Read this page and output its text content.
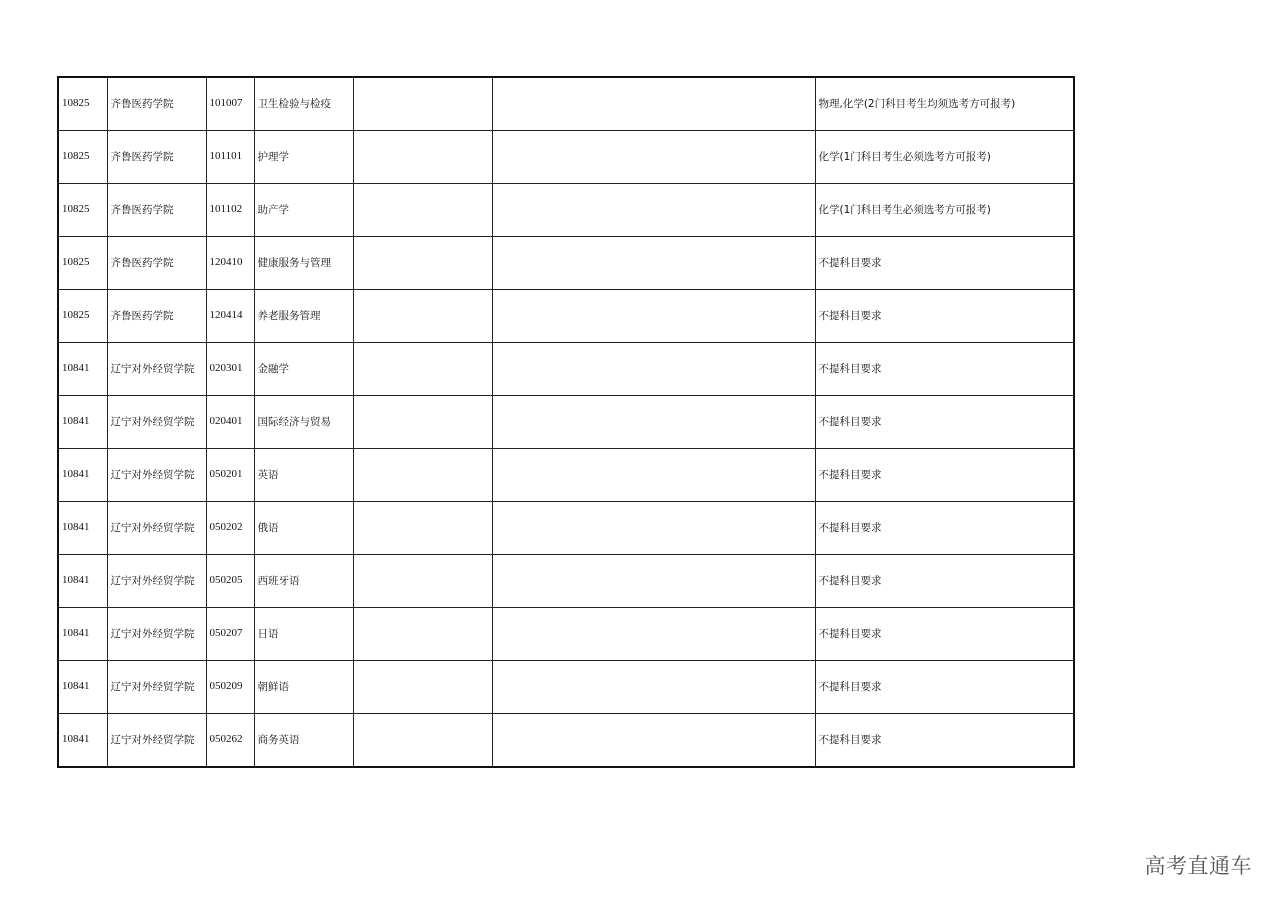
10825	齐鲁医药学院	101007	卫生检验与检疫			物理,化学(2门科目考生均须选考方可报考)
10825	齐鲁医药学院	101101	护理学			化学(1门科目考生必须选考方可报考)
10825	齐鲁医药学院	101102	助产学			化学(1门科目考生必须选考方可报考)
10825	齐鲁医药学院	120410	健康服务与管理			不提科目要求
10825	齐鲁医药学院	120414	养老服务管理			不提科目要求
10841	辽宁对外经贸学院	020301	金融学			不提科目要求
10841	辽宁对外经贸学院	020401	国际经济与贸易			不提科目要求
10841	辽宁对外经贸学院	050201	英语			不提科目要求
10841	辽宁对外经贸学院	050202	俄语			不提科目要求
10841	辽宁对外经贸学院	050205	西班牙语			不提科目要求
10841	辽宁对外经贸学院	050207	日语			不提科目要求
10841	辽宁对外经贸学院	050209	朝鲜语			不提科目要求
10841	辽宁对外经贸学院	050262	商务英语			不提科目要求
高考直通车
